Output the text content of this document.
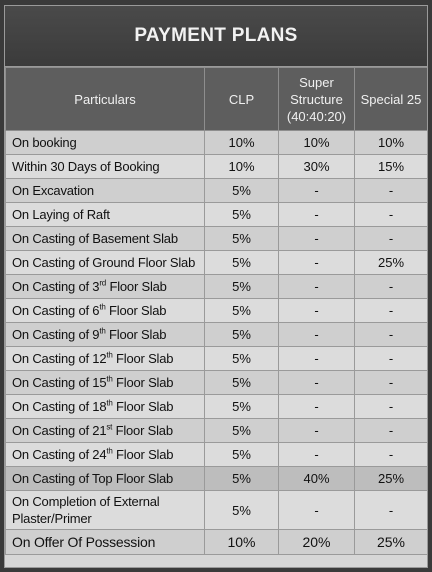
PAYMENT PLANS
Particulars	CLP	Super Structure (40:40:20)	Special 25
On booking	10%	10%	10%
Within 30 Days of Booking	10%	30%	15%
On Excavation	5%	-	-
On Laying of Raft	5%	-	-
On Casting of Basement Slab	5%	-	-
On Casting of Ground Floor Slab	5%	-	25%
On Casting of 3rd Floor Slab	5%	-	-
On Casting of 6th Floor Slab	5%	-	-
On Casting of 9th Floor Slab	5%	-	-
On Casting of 12th Floor Slab	5%	-	-
On Casting of 15th Floor Slab	5%	-	-
On Casting of 18th Floor Slab	5%	-	-
On Casting of 21st Floor Slab	5%	-	-
On Casting of 24th Floor Slab	5%	-	-
On Casting of Top Floor Slab	5%	40%	25%
On Completion of External Plaster/Primer	5%	-	-
On Offer Of Possession	10%	20%	25%
